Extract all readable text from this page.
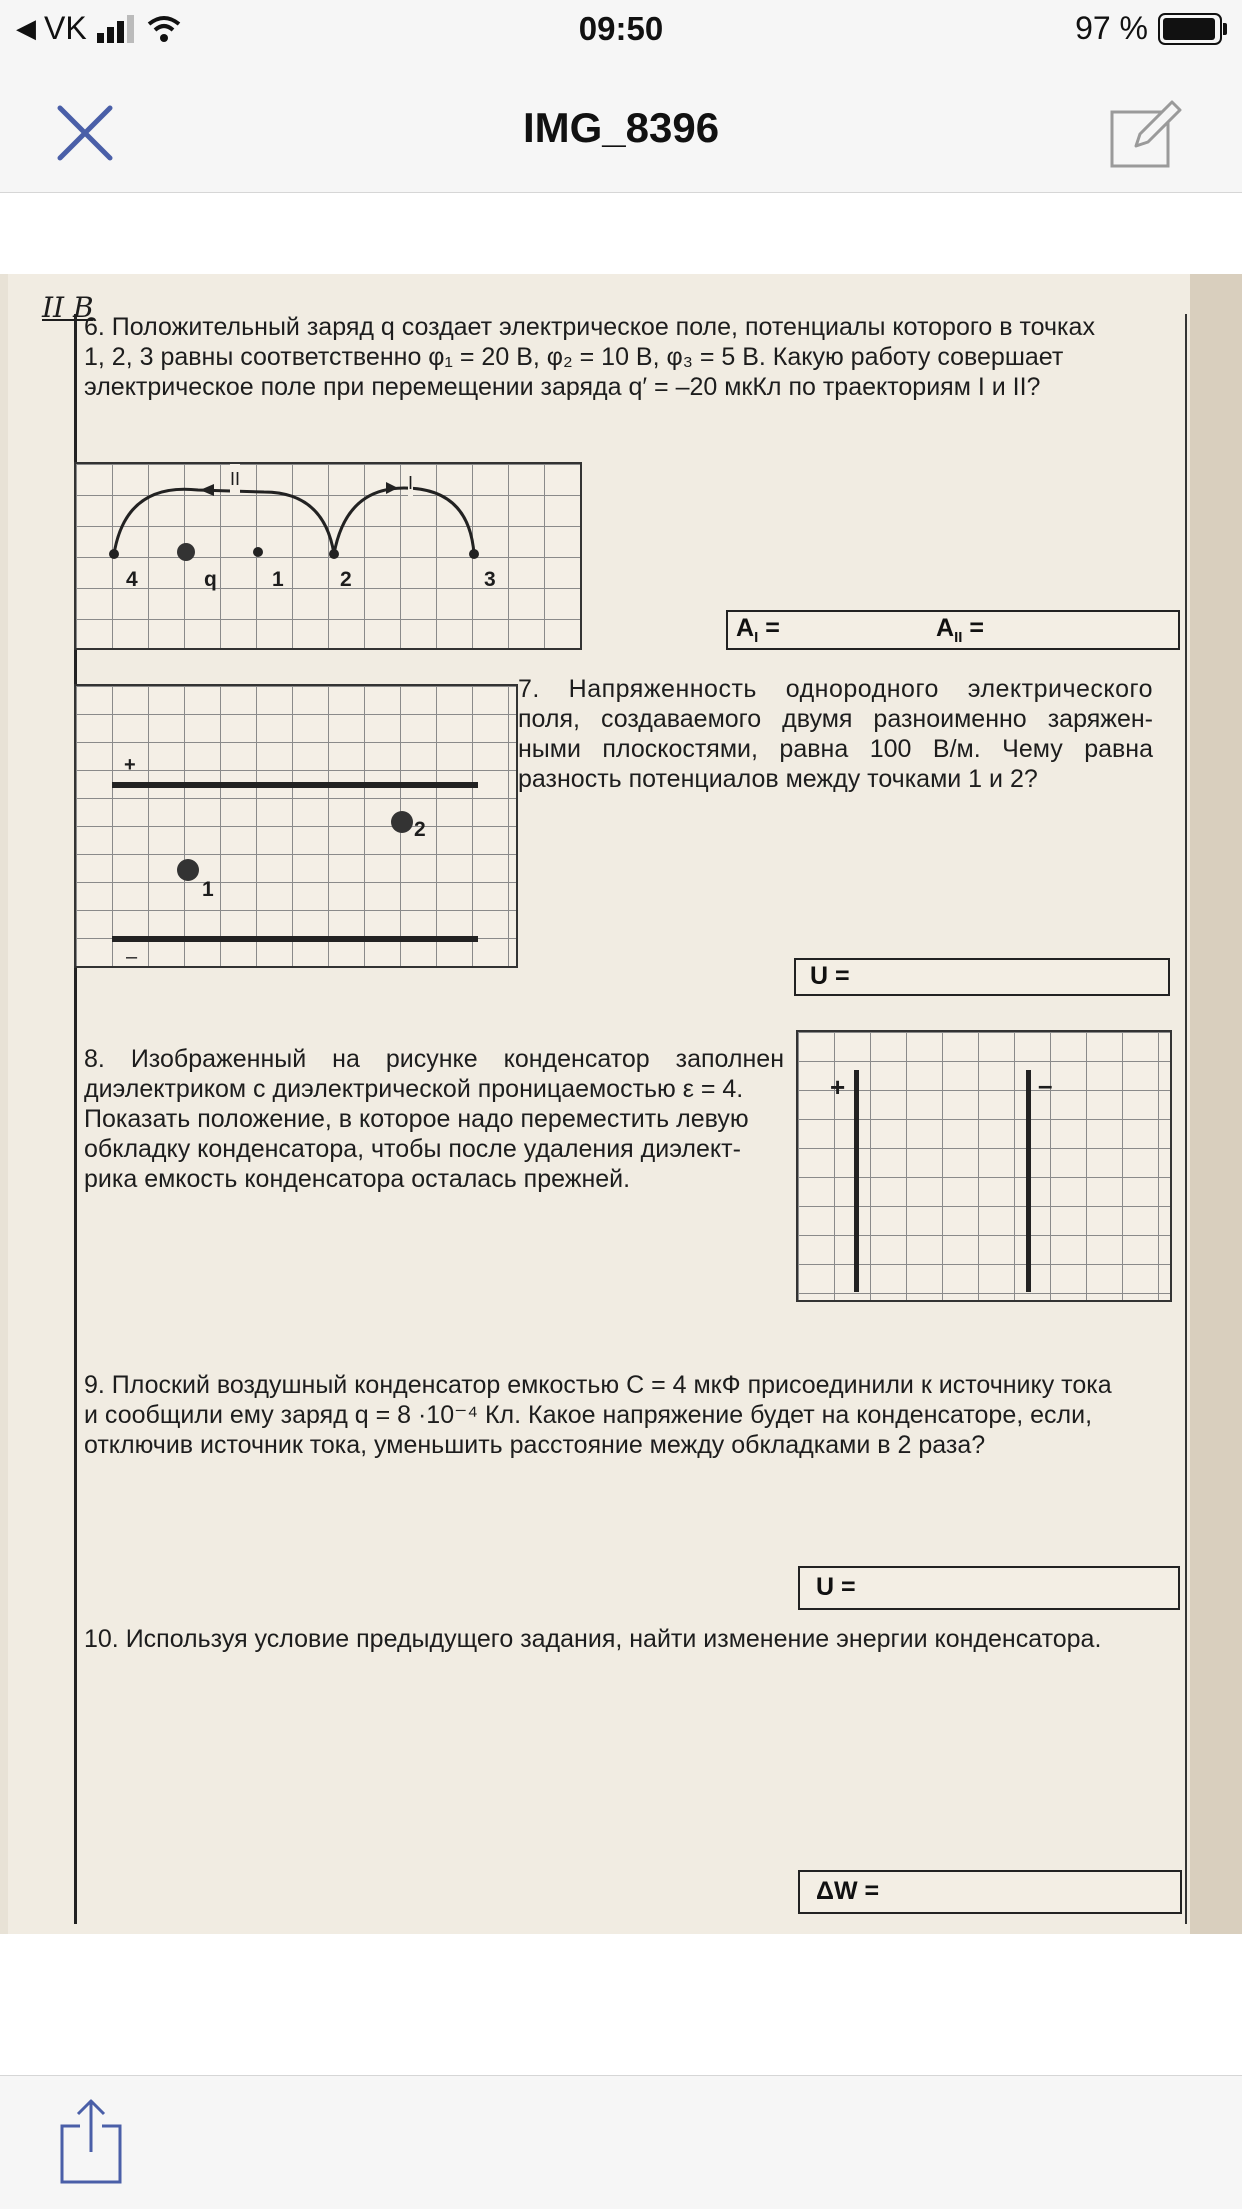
◀ VK	09:50	97 %
IMG_8396
II B
6. Положительный заряд q создает электрическое поле, потенциалы которого в точках
1, 2, 3 равны соответственно φ₁ = 20 В, φ₂ = 10 В, φ₃ = 5 В. Какую работу совершает
электрическое поле при перемещении заряда q′ = –20 мкКл по траекториям I и II?
II	I
4	q	1	2	3
$A_I$ =	$A_{II}$ =
+
–
2
1
7. Напряженность однородного электрического
поля, создаваемого двумя разноименно заряжен-
ными плоскостями, равна 100 В/м. Чему равна
разность потенциалов между точками 1 и 2?
U =
8. Изображенный на рисунке конденсатор заполнен
диэлектриком с диэлектрической проницаемостью ε = 4.
Показать положение, в которое надо переместить левую
обкладку конденсатора, чтобы после удаления диэлект-
рика емкость конденсатора осталась прежней.
+	–
9. Плоский воздушный конденсатор емкостью C = 4 мкФ присоединили к источнику тока
и сообщили ему заряд q = 8 ·10⁻⁴ Кл. Какое напряжение будет на конденсаторе, если,
отключив источник тока, уменьшить расстояние между обкладками в 2 раза?
U =
10. Используя условие предыдущего задания, найти изменение энергии конденсатора.
ΔW =
